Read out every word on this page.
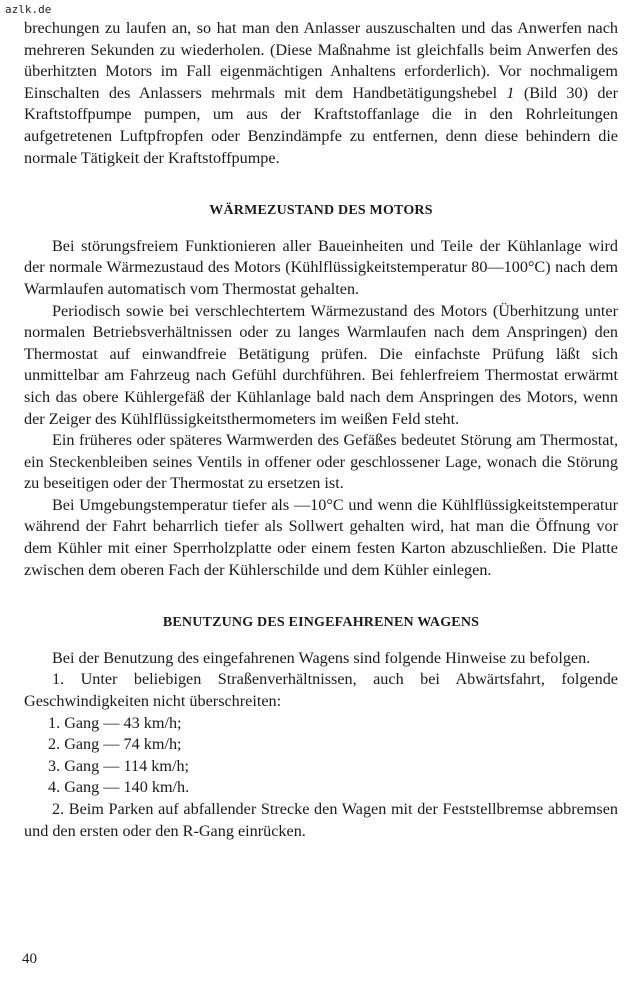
azlk.de

brechungen zu laufen an, so hat man den Anlasser auszuschalten und das Anwerfen nach mehreren Sekunden zu wiederholen. (Diese Maßnahme ist gleichfalls beim Anwerfen des überhitzten Motors im Fall eigenmächtigen Anhaltens erforderlich). Vor nochmaligem Einschalten des Anlassers mehrmals mit dem Handbetätigungshebel 1 (Bild 30) der Kraftstoffpumpe pumpen, um aus der Kraftstoffanlage die in den Rohrleitungen aufgetretenen Luftpfropfen oder Benzindämpfe zu entfernen, denn diese behindern die normale Tätigkeit der Kraftstoffpumpe.

WÄRMEZUSTAND DES MOTORS

Bei störungsfreiem Funktionieren aller Baueinheiten und Teile der Kühlanlage wird der normale Wärmezustaud des Motors (Kühlflüssigkeitstemperatur 80—100°C) nach dem Warmlaufen automatisch vom Thermostat gehalten.

Periodisch sowie bei verschlechtertem Wärmezustand des Motors (Überhitzung unter normalen Betriebsverhältnissen oder zu langes Warmlaufen nach dem Anspringen) den Thermostat auf einwandfreie Betätigung prüfen. Die einfachste Prüfung läßt sich unmittelbar am Fahrzeug nach Gefühl durchführen. Bei fehlerfreiem Thermostat erwärmt sich das obere Kühlergefäß der Kühlanlage bald nach dem Anspringen des Motors, wenn der Zeiger des Kühlflüssigkeitsthermometers im weißen Feld steht.

Ein früheres oder späteres Warmwerden des Gefäßes bedeutet Störung am Thermostat, ein Steckenbleiben seines Ventils in offener oder geschlossener Lage, wonach die Störung zu beseitigen oder der Thermostat zu ersetzen ist.

Bei Umgebungstemperatur tiefer als —10°C und wenn die Kühlflüssigkeitstemperatur während der Fahrt beharrlich tiefer als Sollwert gehalten wird, hat man die Öffnung vor dem Kühler mit einer Sperrholzplatte oder einem festen Karton abzuschließen. Die Platte zwischen dem oberen Fach der Kühlerschilde und dem Kühler einlegen.

BENUTZUNG DES EINGEFAHRENEN WAGENS

Bei der Benutzung des eingefahrenen Wagens sind folgende Hinweise zu befolgen.

1. Unter beliebigen Straßenverhältnissen, auch bei Abwärtsfahrt, folgende Geschwindigkeiten nicht überschreiten:

1. Gang — 43 km/h;

2. Gang — 74 km/h;

3. Gang — 114 km/h;

4. Gang — 140 km/h.

2. Beim Parken auf abfallender Strecke den Wagen mit der Feststellbremse abbremsen und den ersten oder den R-Gang einrücken.

40
